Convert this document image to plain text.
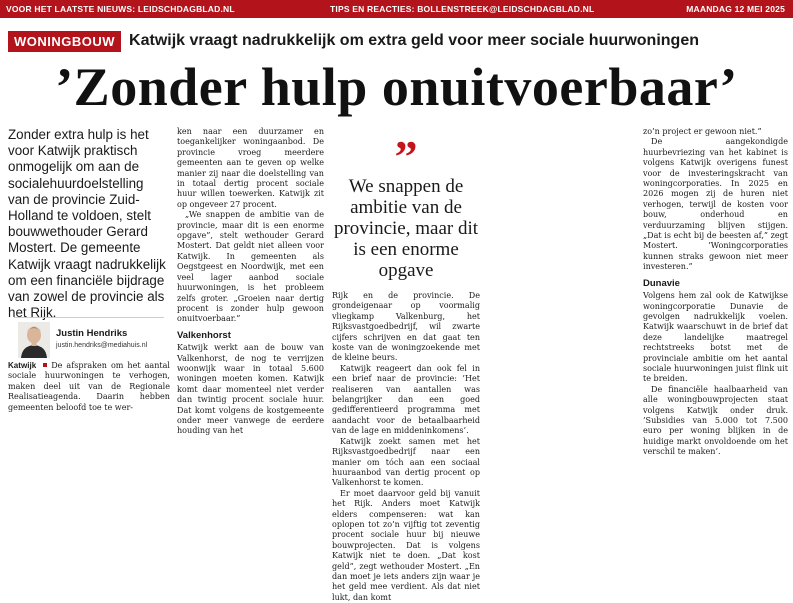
VOOR HET LAATSTE NIEUWS: LEIDSCHDAGBLAD.NL	TIPS EN REACTIES: BOLLENSTREEK@LEIDSCHDAGBLAD.NL	MAANDAG 12 MEI 2025
WONINGBOUW Katwijk vraagt nadrukkelijk om extra geld voor meer sociale huurwoningen
’Zonder hulp onuitvoerbaar’
Zonder extra hulp is het voor Katwijk praktisch onmogelijk om aan de socialehuurdoelstelling van de provincie Zuid-Holland te voldoen, stelt bouwwethouder Gerard Mostert. De gemeente Katwijk vraagt nadrukkelijk om een financiële bijdrage van zowel de provincie als het Rijk.
Justin Hendriks
justin.hendriks@mediahuis.nl

Katwijk De afspraken om het aantal sociale huurwoningen te verhogen, maken deel uit van de Regionale Realisatieagenda. Daarin hebben gemeenten beloofd toe te wer-

ken naar een duurzamer en toegankelijker woningaanbod. De provincie vroeg meerdere gemeenten aan te geven op welke manier zij naar die doelstelling van in totaal dertig procent sociale huur willen toewerken. Katwijk zit op ongeveer 27 procent.

„We snappen de ambitie van de provincie, maar dit is een enorme opgave”, stelt wethouder Gerard Mostert. Dat geldt niet alleen voor Katwijk. In gemeenten als Oegstgeest en Noordwijk, met een veel lager aanbod sociale huurwoningen, is het probleem zelfs groter. „Groeien naar dertig procent is zonder hulp gewoon onuitvoerbaar.”

Valkenhorst

Katwijk werkt aan de bouw van Valkenhorst, de nog te verrijzen woonwijk waar in totaal 5.600 woningen moeten komen. Katwijk komt daar momenteel niet verder dan twintig procent sociale huur. Dat komt volgens de kostgemeente onder meer vanwege de eerdere houding van het

”
We snappen de ambitie van de provincie, maar dit is een enorme opgave

Rijk en de provincie. De grondeigenaar op voormalig vliegkamp Valkenburg, het Rijksvastgoedbedrijf, wil zwarte cijfers schrijven en dat gaat ten koste van de woningzoekende met de kleine beurs.

Katwijk reageert dan ook fel in een brief naar de provincie: ’Het realiseren van aantallen was belangrijker dan een goed gedifferentieerd programma met aandacht voor de betaalbaarheid van de lage en middeninkomens’.

Katwijk zoekt samen met het Rijksvastgoedbedrijf naar een manier om tóch aan een sociaal huuraanbod van dertig procent op Valkenhorst te komen.

Er moet daarvoor geld bij vanuit het Rijk. Anders moet Katwijk elders compenseren: wat kan oplopen tot zo’n vijftig tot zeventig procent sociale huur bij nieuwe bouwprojecten. Dat is volgens Katwijk niet te doen. „Dat kost geld”, zegt wethouder Mostert. „En dan moet je iets anders zijn waar je het geld mee verdient. Als dat niet lukt, dan komt

zo’n project er gewoon niet.”

De aangekondigde huurbevriezing van het kabinet is volgens Katwijk overigens funest voor de investeringskracht van woningcorporaties. In 2025 en 2026 mogen zij de huren niet verhogen, terwijl de kosten voor bouw, onderhoud en verduurzaming blijven stijgen. „Dat is echt bij de beesten af,” zegt Mostert. ’Woningcorporaties kunnen straks gewoon niet meer investeren.”

Dunavie

Volgens hem zal ook de Katwijkse woningcorporatie Dunavie de gevolgen nadrukkelijk voelen. Katwijk waarschuwt in de brief dat deze landelijke maatregel rechtstreeks botst met de provinciale ambitie om het aantal sociale huurwoningen juist flink uit te breiden.

De financiële haalbaarheid van alle woningbouwprojecten staat volgens Katwijk onder druk. ’Subsidies van 5.000 tot 7.500 euro per woning blijken in de huidige markt onvoldoende om het verschil te maken’.
